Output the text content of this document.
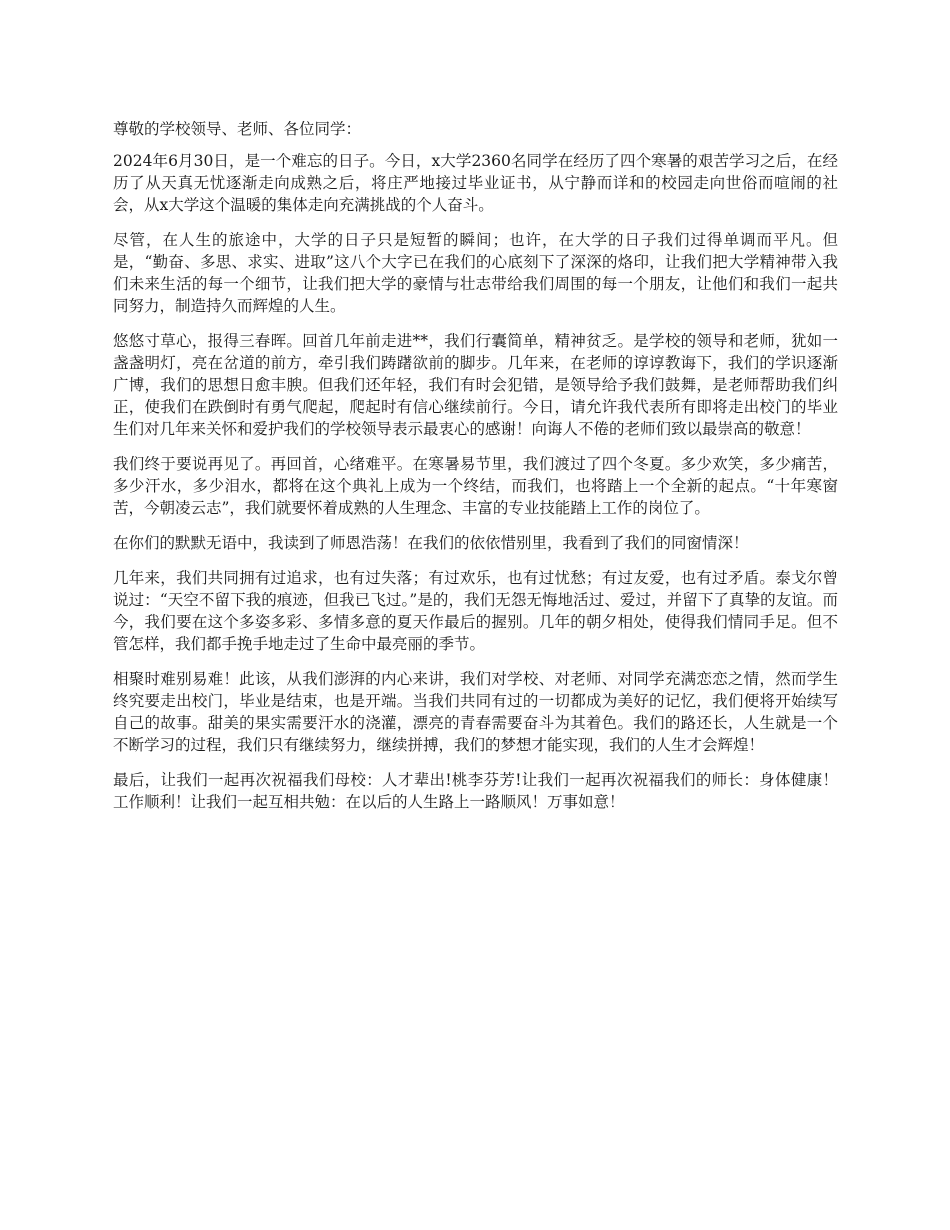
尊敬的学校领导、老师、各位同学：

2024年6月30日，是一个难忘的日子。今日，x大学2360名同学在经历了四个寒暑的艰苦学习之后，在经历了从天真无忧逐渐走向成熟之后，将庄严地接过毕业证书，从宁静而详和的校园走向世俗而喧闹的社会，从x大学这个温暖的集体走向充满挑战的个人奋斗。

尽管，在人生的旅途中，大学的日子只是短暂的瞬间；也许，在大学的日子我们过得单调而平凡。但是，“勤奋、多思、求实、进取”这八个大字已在我们的心底刻下了深深的烙印，让我们把大学精神带入我们未来生活的每一个细节，让我们把大学的豪情与壮志带给我们周围的每一个朋友，让他们和我们一起共同努力，制造持久而辉煌的人生。

悠悠寸草心，报得三春晖。回首几年前走进**，我们行囊简单，精神贫乏。是学校的领导和老师，犹如一盏盏明灯，亮在岔道的前方，牵引我们踌躇欲前的脚步。几年来，在老师的谆谆教诲下，我们的学识逐渐广博，我们的思想日愈丰腴。但我们还年轻，我们有时会犯错，是领导给予我们鼓舞，是老师帮助我们纠正，使我们在跌倒时有勇气爬起，爬起时有信心继续前行。今日，请允许我代表所有即将走出校门的毕业生们对几年来关怀和爱护我们的学校领导表示最衷心的感谢！向诲人不倦的老师们致以最崇高的敬意！

我们终于要说再见了。再回首，心绪难平。在寒暑易节里，我们渡过了四个冬夏。多少欢笑，多少痛苦，多少汗水，多少泪水，都将在这个典礼上成为一个终结，而我们，也将踏上一个全新的起点。“十年寒窗苦，今朝凌云志”，我们就要怀着成熟的人生理念、丰富的专业技能踏上工作的岗位了。

在你们的默默无语中，我读到了师恩浩荡！在我们的依依惜别里，我看到了我们的同窗情深！

几年来，我们共同拥有过追求，也有过失落；有过欢乐，也有过忧愁；有过友爱，也有过矛盾。泰戈尔曾说过：“天空不留下我的痕迹，但我已飞过。”是的，我们无怨无悔地活过、爱过，并留下了真挚的友谊。而今，我们要在这个多姿多彩、多情多意的夏天作最后的握别。几年的朝夕相处，使得我们情同手足。但不管怎样，我们都手挽手地走过了生命中最亮丽的季节。

相聚时难别易难！此该，从我们澎湃的内心来讲，我们对学校、对老师、对同学充满恋恋之情，然而学生终究要走出校门，毕业是结束，也是开端。当我们共同有过的一切都成为美好的记忆，我们便将开始续写自己的故事。甜美的果实需要汗水的浇灌，漂亮的青春需要奋斗为其着色。我们的路还长，人生就是一个不断学习的过程，我们只有继续努力，继续拼搏，我们的梦想才能实现，我们的人生才会辉煌！

最后，让我们一起再次祝福我们母校：人才辈出!桃李芬芳!让我们一起再次祝福我们的师长：身体健康！工作顺利！让我们一起互相共勉：在以后的人生路上一路顺风！万事如意！
